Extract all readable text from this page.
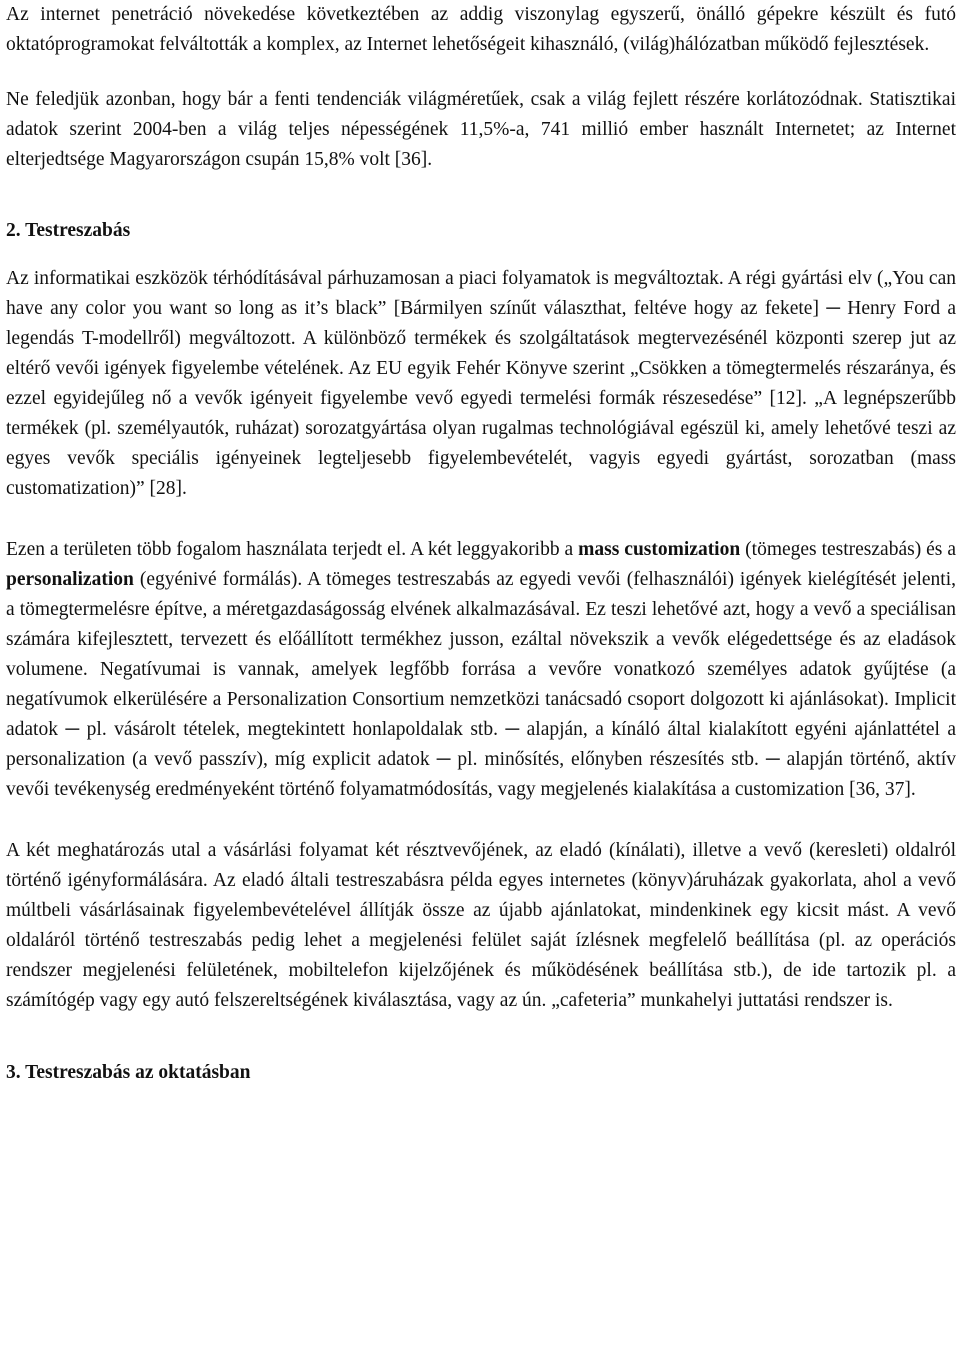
Az internet penetráció növekedése következtében az addig viszonylag egyszerű, önálló gépekre készült és futó oktatóprogramokat felváltották a komplex, az Internet lehetőségeit kihasználó, (világ)hálózatban működő fejlesztések.

Ne feledjük azonban, hogy bár a fenti tendenciák világméretűek, csak a világ fejlett részére korlátozódnak. Statisztikai adatok szerint 2004-ben a világ teljes népességének 11,5%-a, 741 millió ember használt Internetet; az Internet elterjedtsége Magyarországon csupán 15,8% volt [36].

2. Testreszabás

Az informatikai eszközök térhódításával párhuzamosan a piaci folyamatok is megváltoztak. A régi gyártási elv („You can have any color you want so long as it’s black” [Bármilyen színűt választhat, feltéve hogy az fekete] ─ Henry Ford a legendás T-modellről) megváltozott. A különböző termékek és szolgáltatások megtervezésénél központi szerep jut az eltérő vevői igények figyelembe vételének. Az EU egyik Fehér Könyve szerint „Csökken a tömegtermelés részaránya, és ezzel egyidejűleg nő a vevők igényeit figyelembe vevő egyedi termelési formák részesedése” [12]. „A legnépszerűbb termékek (pl. személyautók, ruházat) sorozatgyártása olyan rugalmas technológiával egészül ki, amely lehetővé teszi az egyes vevők speciális igényeinek legteljesebb figyelembevételét, vagyis egyedi gyártást, sorozatban (mass customatization)” [28].

Ezen a területen több fogalom használata terjedt el. A két leggyakoribb a mass customization (tömeges testreszabás) és a personalization (egyénivé formálás). A tömeges testreszabás az egyedi vevői (felhasználói) igények kielégítését jelenti, a tömegtermelésre építve, a méretgazdaságosság elvének alkalmazásával. Ez teszi lehetővé azt, hogy a vevő a speciálisan számára kifejlesztett, tervezett és előállított termékhez jusson, ezáltal növekszik a vevők elégedettsége és az eladások volumene. Negatívumai is vannak, amelyek legfőbb forrása a vevőre vonatkozó személyes adatok gyűjtése (a negatívumok elkerülésére a Personalization Consortium nemzetközi tanácsadó csoport dolgozott ki ajánlásokat). Implicit adatok ─ pl. vásárolt tételek, megtekintett honlapoldalak stb. ─ alapján, a kínáló által kialakított egyéni ajánlattétel a personalization (a vevő passzív), míg explicit adatok ─ pl. minősítés, előnyben részesítés stb. ─ alapján történő, aktív vevői tevékenység eredményeként történő folyamatmódosítás, vagy megjelenés kialakítása a customization [36, 37].

A két meghatározás utal a vásárlási folyamat két résztvevőjének, az eladó (kínálati), illetve a vevő (keresleti) oldalról történő igényformálására. Az eladó általi testreszabásra példa egyes internetes (könyv)áruházak gyakorlata, ahol a vevő múltbeli vásárlásainak figyelembevételével állítják össze az újabb ajánlatokat, mindenkinek egy kicsit mást. A vevő oldaláról történő testreszabás pedig lehet a megjelenési felület saját ízlésnek megfelelő beállítása (pl. az operációs rendszer megjelenési felületének, mobiltelefon kijelzőjének és működésének beállítása stb.), de ide tartozik pl. a számítógép vagy egy autó felszereltségének kiválasztása, vagy az ún. „cafeteria” munkahelyi juttatási rendszer is.

3. Testreszabás az oktatásban
